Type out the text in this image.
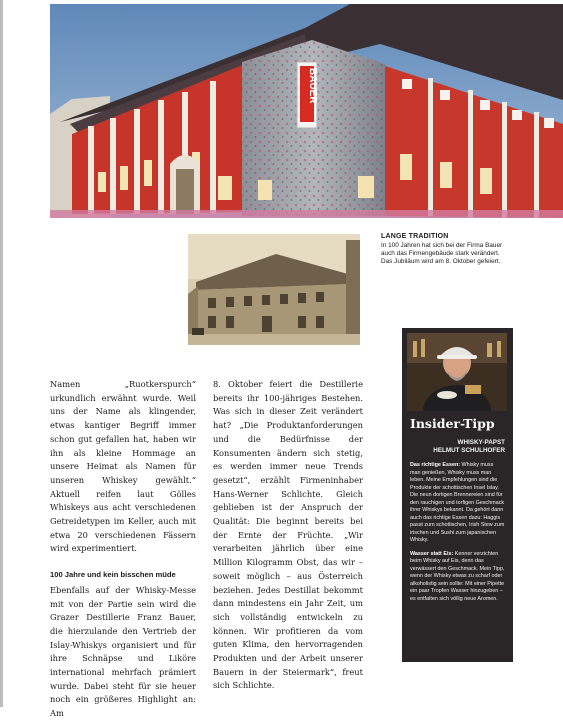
BAUER

LANGE TRADITION

In 100 Jahren hat sich bei der Firma Bauer auch das Firmengebäude stark verändert. Das Jubiläum wird am 8. Oktober gefeiert.

Namen „Ruotkerspurch“ urkundlich erwähnt wurde. Weil uns der Name als klingender, etwas kantiger Begriff immer schon gut gefallen hat, haben wir ihn als kleine Hommage an unsere Heimat als Namen für unseren Whiskey gewählt.“ Aktuell reifen laut Gölles Whiskeys aus acht verschiedenen Getreidetypen im Keller, auch mit etwa 20 verschiedenen Fässern wird experimentiert.

100 Jahre und kein bisschen müde

Ebenfalls auf der Whisky-Messe mit von der Partie sein wird die Grazer Destillerie Franz Bauer, die hierzulande den Vertrieb der Islay-Whiskys organisiert und für ihre Schnäpse und Liköre international mehrfach prämiert wurde. Dabei steht für sie heuer noch ein größeres Highlight an: Am

8. Oktober feiert die Destillerie bereits ihr 100-jähriges Bestehen. Was sich in dieser Zeit verändert hat? „Die Produktanforderungen und die Bedürfnisse der Konsumenten ändern sich stetig, es werden immer neue Trends gesetzt“, erzählt Firmeninhaber Hans-Werner Schlichte. Gleich geblieben ist der Anspruch der Qualität: Die beginnt bereits bei der Ernte der Früchte. „Wir verarbeiten jährlich über eine Million Kilogramm Obst, das wir – soweit möglich – aus Österreich beziehen. Jedes Destillat bekommt dann mindestens ein Jahr Zeit, um sich vollständig entwickeln zu können. Wir profitieren da vom guten Klima, den hervorragenden Produkten und der Arbeit unserer Bauern in der Steiermark“, freut sich Schlichte.

Insider-Tipp
WHISKY-PAPST
HELMUT SCHULHOFER

Das richtige Essen: Whisky muss man genießen, Whisky muss man leben. Meine Empfehlungen sind die Produkte der schottischen Insel Islay. Die neun dortigen Brennereien sind für den rauchigen und torfigen Geschmack ihrer Whiskys bekannt. Da gehört dann auch das richtige Essen dazu: Haggis passt zum schottischen, Irish Stew zum irischen und Sushi zum japanischen Whisky.

Wasser statt Eis: Kenner verzichten beim Whisky auf Eis, denn das verwässert den Geschmack. Mein Tipp, wenn der Whisky etwas zu scharf oder alkoholistig sein sollte: Mit einer Pipette ein paar Tropfen Wasser hinzugeben – es entfalten sich völlig neue Aromen.
